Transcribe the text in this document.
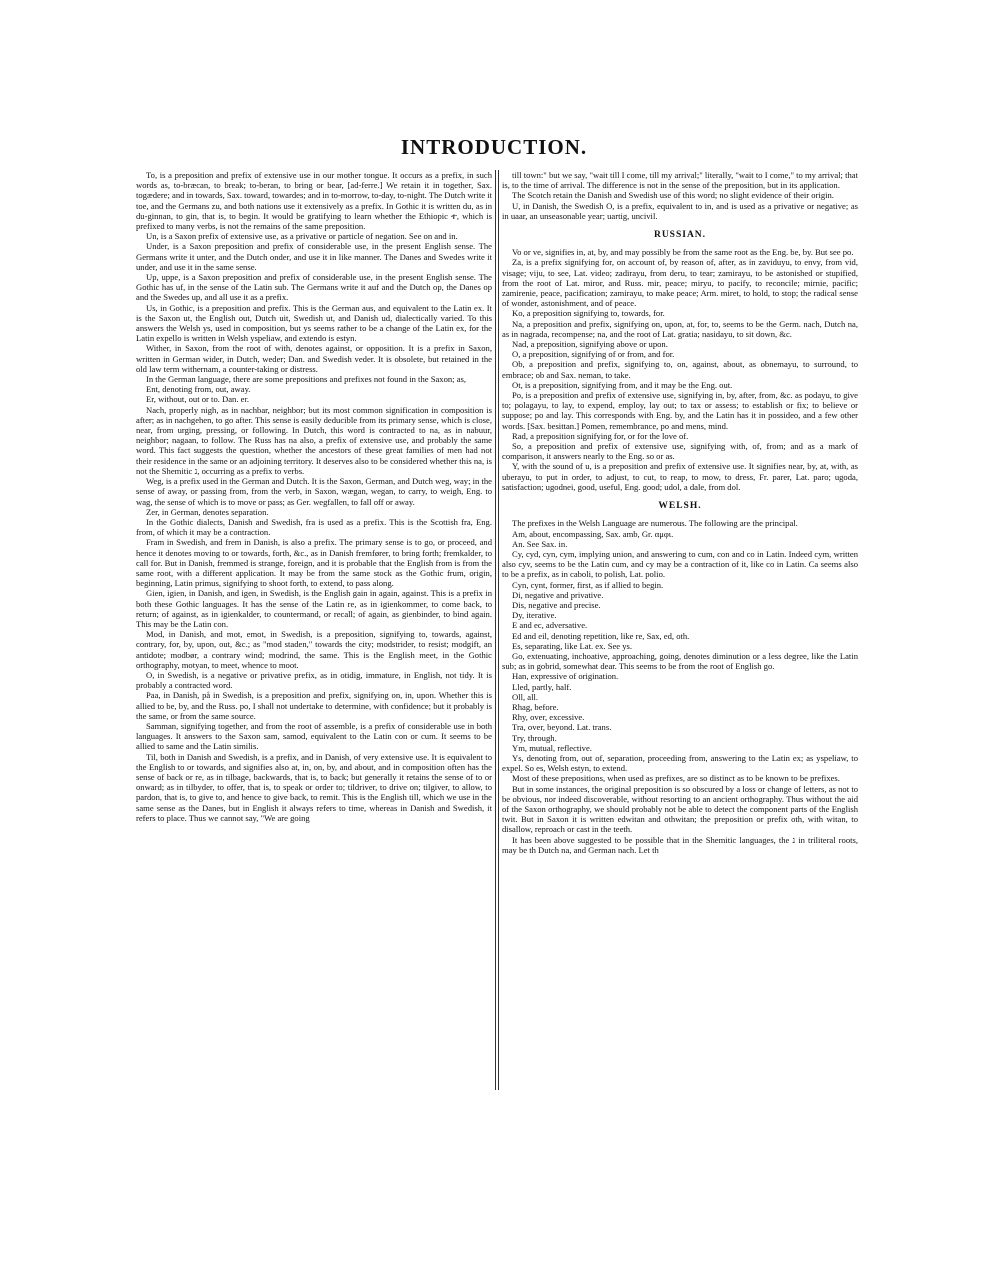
INTRODUCTION.

To, is a preposition and prefix of extensive use in our mother tongue. It occurs as a prefix, in such words as, to-bræcan, to break; to-beran, to bring or bear, [ad-ferre.] We retain it in together, Sax. togædere; and in towards, Sax. toward, towardes; and in to-morrow, to-day, to-night. The Dutch write it toe, and the Germans zu, and both nations use it extensively as a prefix. In Gothic it is written du, as in du-ginnan, to gin, that is, to begin. It would be gratifying to learn whether the Ethiopic ተ, which is prefixed to many verbs, is not the remains of the same preposition.

Un, is a Saxon prefix of extensive use, as a privative or particle of negation. See on and in.

Under, is a Saxon preposition and prefix of considerable use, in the present English sense. The Germans write it unter, and the Dutch onder, and use it in like manner. The Danes and Swedes write it under, and use it in the same sense.

Up, uppe, is a Saxon preposition and prefix of considerable use, in the present English sense. The Gothic has uf, in the sense of the Latin sub. The Germans write it auf and the Dutch op, the Danes op and the Swedes up, and all use it as a prefix.

Us, in Gothic, is a preposition and prefix. This is the German aus, and equivalent to the Latin ex. It is the Saxon ut, the English out, Dutch uit, Swedish ut, and Danish ud, dialectically varied. To this answers the Welsh ys, used in composition, but ys seems rather to be a change of the Latin ex, for the Latin expello is written in Welsh yspeliaw, and extendo is estyn.

Wither, in Saxon, from the root of with, denotes against, or opposition. It is a prefix in Saxon, written in German wider, in Dutch, weder; Dan. and Swedish veder. It is obsolete, but retained in the old law term withernam, a counter-taking or distress.

In the German language, there are some prepositions and prefixes not found in the Saxon; as,

Ent, denoting from, out, away.

Er, without, out or to. Dan. er.

Nach, properly nigh, as in nachbar, neighbor; but its most common signification in composition is after; as in nachgehen, to go after. This sense is easily deducible from its primary sense, which is close, near, from urging, pressing, or following. In Dutch, this word is contracted to na, as in nabuur, neighbor; nagaan, to follow. The Russ has na also, a prefix of extensive use, and probably the same word. This fact suggests the question, whether the ancestors of these great families of men had not their residence in the same or an adjoining territory. It deserves also to be considered whether this na, is not the Shemitic נ, occurring as a prefix to verbs.

Weg, is a prefix used in the German and Dutch. It is the Saxon, German, and Dutch weg, way; in the sense of away, or passing from, from the verb, in Saxon, wægan, wegan, to carry, to weigh, Eng. to wag, the sense of which is to move or pass; as Ger. wegfallen, to fall off or away.

Zer, in German, denotes separation.

In the Gothic dialects, Danish and Swedish, fra is used as a prefix. This is the Scottish fra, Eng. from, of which it may be a contraction.

Fram in Swedish, and frem in Danish, is also a prefix. The primary sense is to go, or proceed, and hence it denotes moving to or towards, forth, &c., as in Danish fremfører, to bring forth; fremkalder, to call for. But in Danish, fremmed is strange, foreign, and it is probable that the English from is from the same root, with a different application. It may be from the same stock as the Gothic frum, origin, beginning, Latin primus, signifying to shoot forth, to extend, to pass along.

Gien, igien, in Danish, and igen, in Swedish, is the English gain in again, against. This is a prefix in both these Gothic languages. It has the sense of the Latin re, as in igienkommer, to come back, to return; of against, as in igienkalder, to countermand, or recall; of again, as gienbinder, to bind again. This may be the Latin con.

Mod, in Danish, and mot, emot, in Swedish, is a preposition, signifying to, towards, against, contrary, for, by, upon, out, &c.; as "mod staden," towards the city; modstrider, to resist; modgift, an antidote; modbør, a contrary wind; modrind, the same. This is the English meet, in the Gothic orthography, motyan, to meet, whence to moot.

O, in Swedish, is a negative or privative prefix, as in otidig, immature, in English, not tidy. It is probably a contracted word.

Paa, in Danish, på in Swedish, is a preposition and prefix, signifying on, in, upon. Whether this is allied to be, by, and the Russ. po, I shall not undertake to determine, with confidence; but it probably is the same, or from the same source.

Samman, signifying together, and from the root of assemble, is a prefix of considerable use in both languages. It answers to the Saxon sam, samod, equivalent to the Latin con or cum. It seems to be allied to same and the Latin similis.

Til, both in Danish and Swedish, is a prefix, and in Danish, of very extensive use. It is equivalent to the English to or towards, and signifies also at, in, on, by, and about, and in composition often has the sense of back or re, as in tilbage, backwards, that is, to back; but generally it retains the sense of to or onward; as in tilbyder, to offer, that is, to speak or order to; tildriver, to drive on; tilgiver, to allow, to pardon, that is, to give to, and hence to give back, to remit. This is the English till, which we use in the same sense as the Danes, but in English it always refers to time, whereas in Danish and Swedish, it refers to place. Thus we cannot say, "We are going

till town:" but we say, "wait till I come, till my arrival;" literally, "wait to I come," to my arrival; that is, to the time of arrival. The difference is not in the sense of the preposition, but in its application.

The Scotch retain the Danish and Swedish use of this word; no slight evidence of their origin.

U, in Danish, the Swedish O, is a prefix, equivalent to in, and is used as a privative or negative; as in uaar, an unseasonable year; uartig, uncivil.

RUSSIAN.

Vo or ve, signifies in, at, by, and may possibly be from the same root as the Eng. be, by. But see po.

Za, is a prefix signifying for, on account of, by reason of, after, as in zaviduyu, to envy, from vid, visage; viju, to see, Lat. video; zadirayu, from deru, to tear; zamirayu, to be astonished or stupified, from the root of Lat. miror, and Russ. mir, peace; miryu, to pacify, to reconcile; mirnie, pacific; zamirenie, peace, pacification; zamirayu, to make peace; Arm. miret, to hold, to stop; the radical sense of wonder, astonishment, and of peace.

Ko, a preposition signifying to, towards, for.

Na, a preposition and prefix, signifying on, upon, at, for, to, seems to be the Germ. nach, Dutch na, as in nagrada, recompense; na, and the root of Lat. gratia; nasidayu, to sit down, &c.

Nad, a preposition, signifying above or upon.

O, a preposition, signifying of or from, and for.

Ob, a preposition and prefix, signifying to, on, against, about, as obnemayu, to surround, to embrace; ob and Sax. neman, to take.

Ot, is a preposition, signifying from, and it may be the Eng. out.

Po, is a preposition and prefix of extensive use, signifying in, by, after, from, &c. as podayu, to give to; polagayu, to lay, to expend, employ, lay out; to tax or assess; to establish or fix; to believe or suppose; po and lay. This corresponds with Eng. by, and the Latin has it in possideo, and a few other words. [Sax. besittan.] Pomen, remembrance, po and mens, mind.

Rad, a preposition signifying for, or for the love of.

So, a preposition and prefix of extensive use, signifying with, of, from; and as a mark of comparison, it answers nearly to the Eng. so or as.

Y, with the sound of u, is a preposition and prefix of extensive use. It signifies near, by, at, with, as uberayu, to put in order, to adjust, to cut, to reap, to mow, to dress, Fr. parer, Lat. paro; ugoda, satisfaction; ugodnei, good, useful, Eng. good; udol, a dale, from dol.

WELSH.

The prefixes in the Welsh Language are numerous. The following are the principal.

Am, about, encompassing, Sax. amb, Gr. αμφι.

An. See Sax. in.

Cy, cyd, cyn, cym, implying union, and answering to cum, con and co in Latin. Indeed cym, written also cyv, seems to be the Latin cum, and cy may be a contraction of it, like co in Latin. Ca seems also to be a prefix, as in caboli, to polish, Lat. polio.

Cyn, cynt, former, first, as if allied to begin.

Di, negative and privative.

Dis, negative and precise.

Dy, iterative.

E and ec, adversative.

Ed and eil, denoting repetition, like re, Sax, ed, oth.

Es, separating, like Lat. ex. See ys.

Go, extenuating, inchoative, approaching, going, denotes diminution or a less degree, like the Latin sub; as in gobrid, somewhat dear. This seems to be from the root of English go.

Han, expressive of origination.

Lled, partly, half.

Oll, all.

Rhag, before.

Rhy, over, excessive.

Tra, over, beyond. Lat. trans.

Try, through.

Ym, mutual, reflective.

Ys, denoting from, out of, separation, proceeding from, answering to the Latin ex; as yspeliaw, to expel. So es, Welsh estyn, to extend.

Most of these prepositions, when used as prefixes, are so distinct as to be known to be prefixes.

But in some instances, the original preposition is so obscured by a loss or change of letters, as not to be obvious, nor indeed discoverable, without resorting to an ancient orthography. Thus without the aid of the Saxon orthography, we should probably not be able to detect the component parts of the English twit. But in Saxon it is written edwitan and othwitan; the preposition or prefix oth, with witan, to disallow, reproach or cast in the teeth.

It has been above suggested to be possible that in the Shemitic languages, the נ in triliteral roots, may be th Dutch na, and German nach. Let th
